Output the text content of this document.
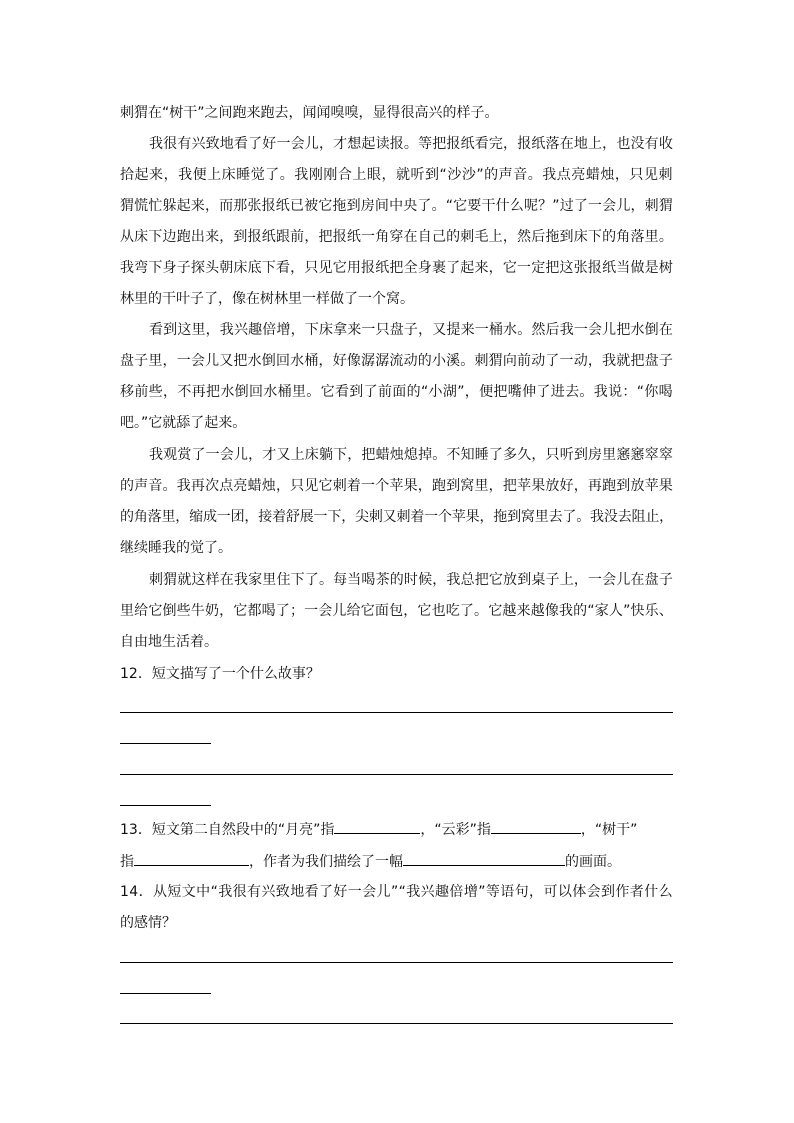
刺猬在“树干”之间跑来跑去，闻闻嗅嗅，显得很高兴的样子。
我很有兴致地看了好一会儿，才想起读报。等把报纸看完，报纸落在地上，也没有收
拾起来，我便上床睡觉了。我刚刚合上眼，就听到“沙沙”的声音。我点亮蜡烛，只见刺
猬慌忙躲起来，而那张报纸已被它拖到房间中央了。“它要干什么呢？”过了一会儿，刺猬
从床下边跑出来，到报纸跟前，把报纸一角穿在自己的刺毛上，然后拖到床下的角落里。
我弯下身子探头朝床底下看，只见它用报纸把全身裹了起来，它一定把这张报纸当做是树
林里的干叶子了，像在树林里一样做了一个窝。
看到这里，我兴趣倍增，下床拿来一只盘子，又提来一桶水。然后我一会儿把水倒在
盘子里，一会儿又把水倒回水桶，好像潺潺流动的小溪。刺猬向前动了一动，我就把盘子
移前些，不再把水倒回水桶里。它看到了前面的“小湖”，便把嘴伸了进去。我说：“你喝
吧。”它就舔了起来。
我观赏了一会儿，才又上床躺下，把蜡烛熄掉。不知睡了多久，只听到房里窸窸窣窣
的声音。我再次点亮蜡烛，只见它刺着一个苹果，跑到窝里，把苹果放好，再跑到放苹果
的角落里，缩成一团，接着舒展一下，尖刺又刺着一个苹果，拖到窝里去了。我没去阻止，
继续睡我的觉了。
刺猬就这样在我家里住下了。每当喝茶的时候，我总把它放到桌子上，一会儿在盘子
里给它倒些牛奶，它都喝了；一会儿给它面包，它也吃了。它越来越像我的“家人”快乐、
自由地生活着。
12．短文描写了一个什么故事？
13．短文第二自然段中的“月亮”指	，“云彩”指	，“树干”
指	，作者为我们描绘了一幅	的画面。
14．从短文中“我很有兴致地看了好一会儿”“我兴趣倍增”等语句，可以体会到作者什么
的感情？
